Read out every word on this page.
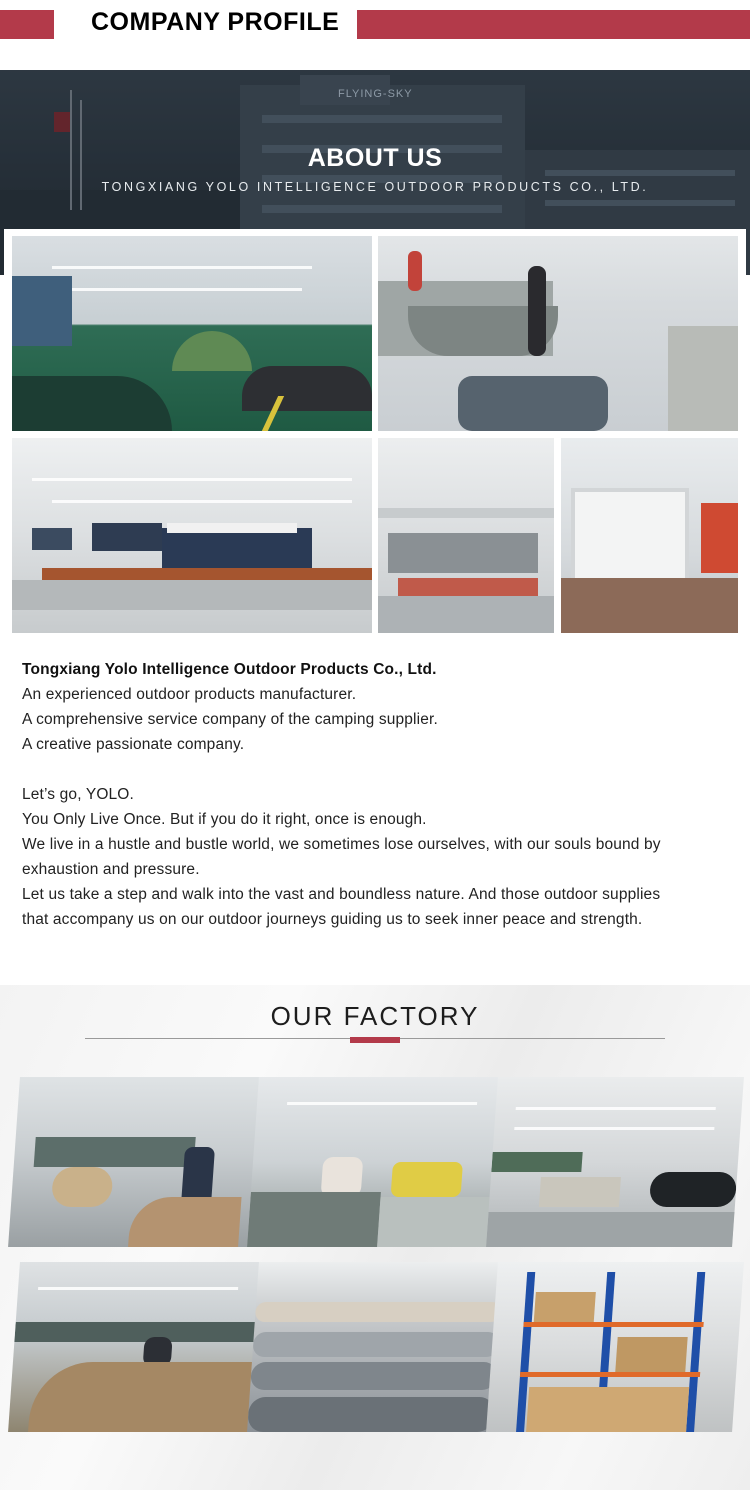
COMPANY PROFILE
FLYING-SKY
ABOUT US
TONGXIANG YOLO INTELLIGENCE OUTDOOR PRODUCTS CO., LTD.
Tongxiang Yolo Intelligence Outdoor Products Co., Ltd.
An experienced outdoor products manufacturer.
A comprehensive service company of the camping supplier.
A creative passionate company.
Let’s go, YOLO.
You Only Live Once. But if you do it right, once is enough.
We live in a hustle and bustle world, we sometimes lose ourselves, with our souls bound by
exhaustion and pressure.
Let us take a step and walk into the vast and boundless nature. And those outdoor supplies
that accompany us on our outdoor journeys guiding us to seek inner peace and strength.
OUR FACTORY
